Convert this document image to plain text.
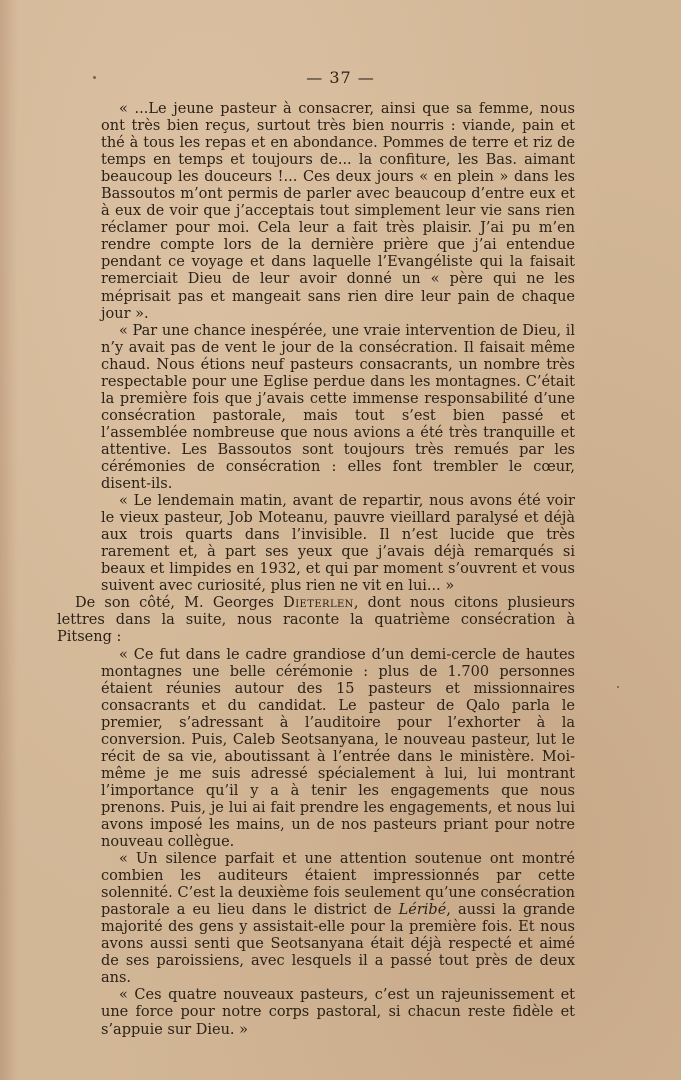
— 37 —

« ...Le jeune pasteur à consacrer, ainsi que sa femme, nous ont très bien reçus, surtout très bien nourris : viande, pain et thé à tous les repas et en abondance. Pommes de terre et riz de temps en temps et toujours de... la confiture, les Bas. aimant beaucoup les douceurs !... Ces deux jours « en plein » dans les Bassoutos m’ont permis de parler avec beaucoup d’entre eux et à eux de voir que j’acceptais tout simplement leur vie sans rien réclamer pour moi. Cela leur a fait très plaisir. J’ai pu m’en rendre compte lors de la dernière prière que j’ai entendue pendant ce voyage et dans laquelle l’Evangéliste qui la faisait remerciait Dieu de leur avoir donné un « père qui ne les méprisait pas et mangeait sans rien dire leur pain de chaque jour ».

« Par une chance inespérée, une vraie intervention de Dieu, il n’y avait pas de vent le jour de la consécration. Il faisait même chaud. Nous étions neuf pasteurs consacrants, un nombre très respectable pour une Eglise perdue dans les montagnes. C’était la première fois que j’avais cette immense responsabilité d’une consécration pastorale, mais tout s’est bien passé et l’assemblée nombreuse que nous avions a été très tranquille et attentive. Les Bassoutos sont toujours très remués par les cérémonies de consécration : elles font trembler le cœur, disent-ils.

« Le lendemain matin, avant de repartir, nous avons été voir le vieux pasteur, Job Moteanu, pauvre vieillard paralysé et déjà aux trois quarts dans l’invisible. Il n’est lucide que très rarement et, à part ses yeux que j’avais déjà remarqués si beaux et limpides en 1932, et qui par moment s’ouvrent et vous suivent avec curiosité, plus rien ne vit en lui... »

De son côté, M. Georges Dieterlen, dont nous citons plusieurs lettres dans la suite, nous raconte la quatrième consécration à Pitseng :

« Ce fut dans le cadre grandiose d’un demi-cercle de hautes montagnes une belle cérémonie : plus de 1.700 personnes étaient réunies autour des 15 pasteurs et missionnaires consacrants et du candidat. Le pasteur de Qalo parla le premier, s’adressant à l’auditoire pour l’exhorter à la conversion. Puis, Caleb Seotsanyana, le nouveau pasteur, lut le récit de sa vie, aboutissant à l’entrée dans le ministère. Moi-même je me suis adressé spécialement à lui, lui montrant l’importance qu’il y a à tenir les engagements que nous prenons. Puis, je lui ai fait prendre les engagements, et nous lui avons imposé les mains, un de nos pasteurs priant pour notre nouveau collègue.

« Un silence parfait et une attention soutenue ont montré combien les auditeurs étaient impressionnés par cette solennité. C’est la deuxième fois seulement qu’une consécration pastorale a eu lieu dans le district de Léribé, aussi la grande majorité des gens y assistait-elle pour la première fois. Et nous avons aussi senti que Seotsanyana était déjà respecté et aimé de ses paroissiens, avec lesquels il a passé tout près de deux ans.

« Ces quatre nouveaux pasteurs, c’est un rajeunissement et une force pour notre corps pastoral, si chacun reste fidèle et s’appuie sur Dieu. »
